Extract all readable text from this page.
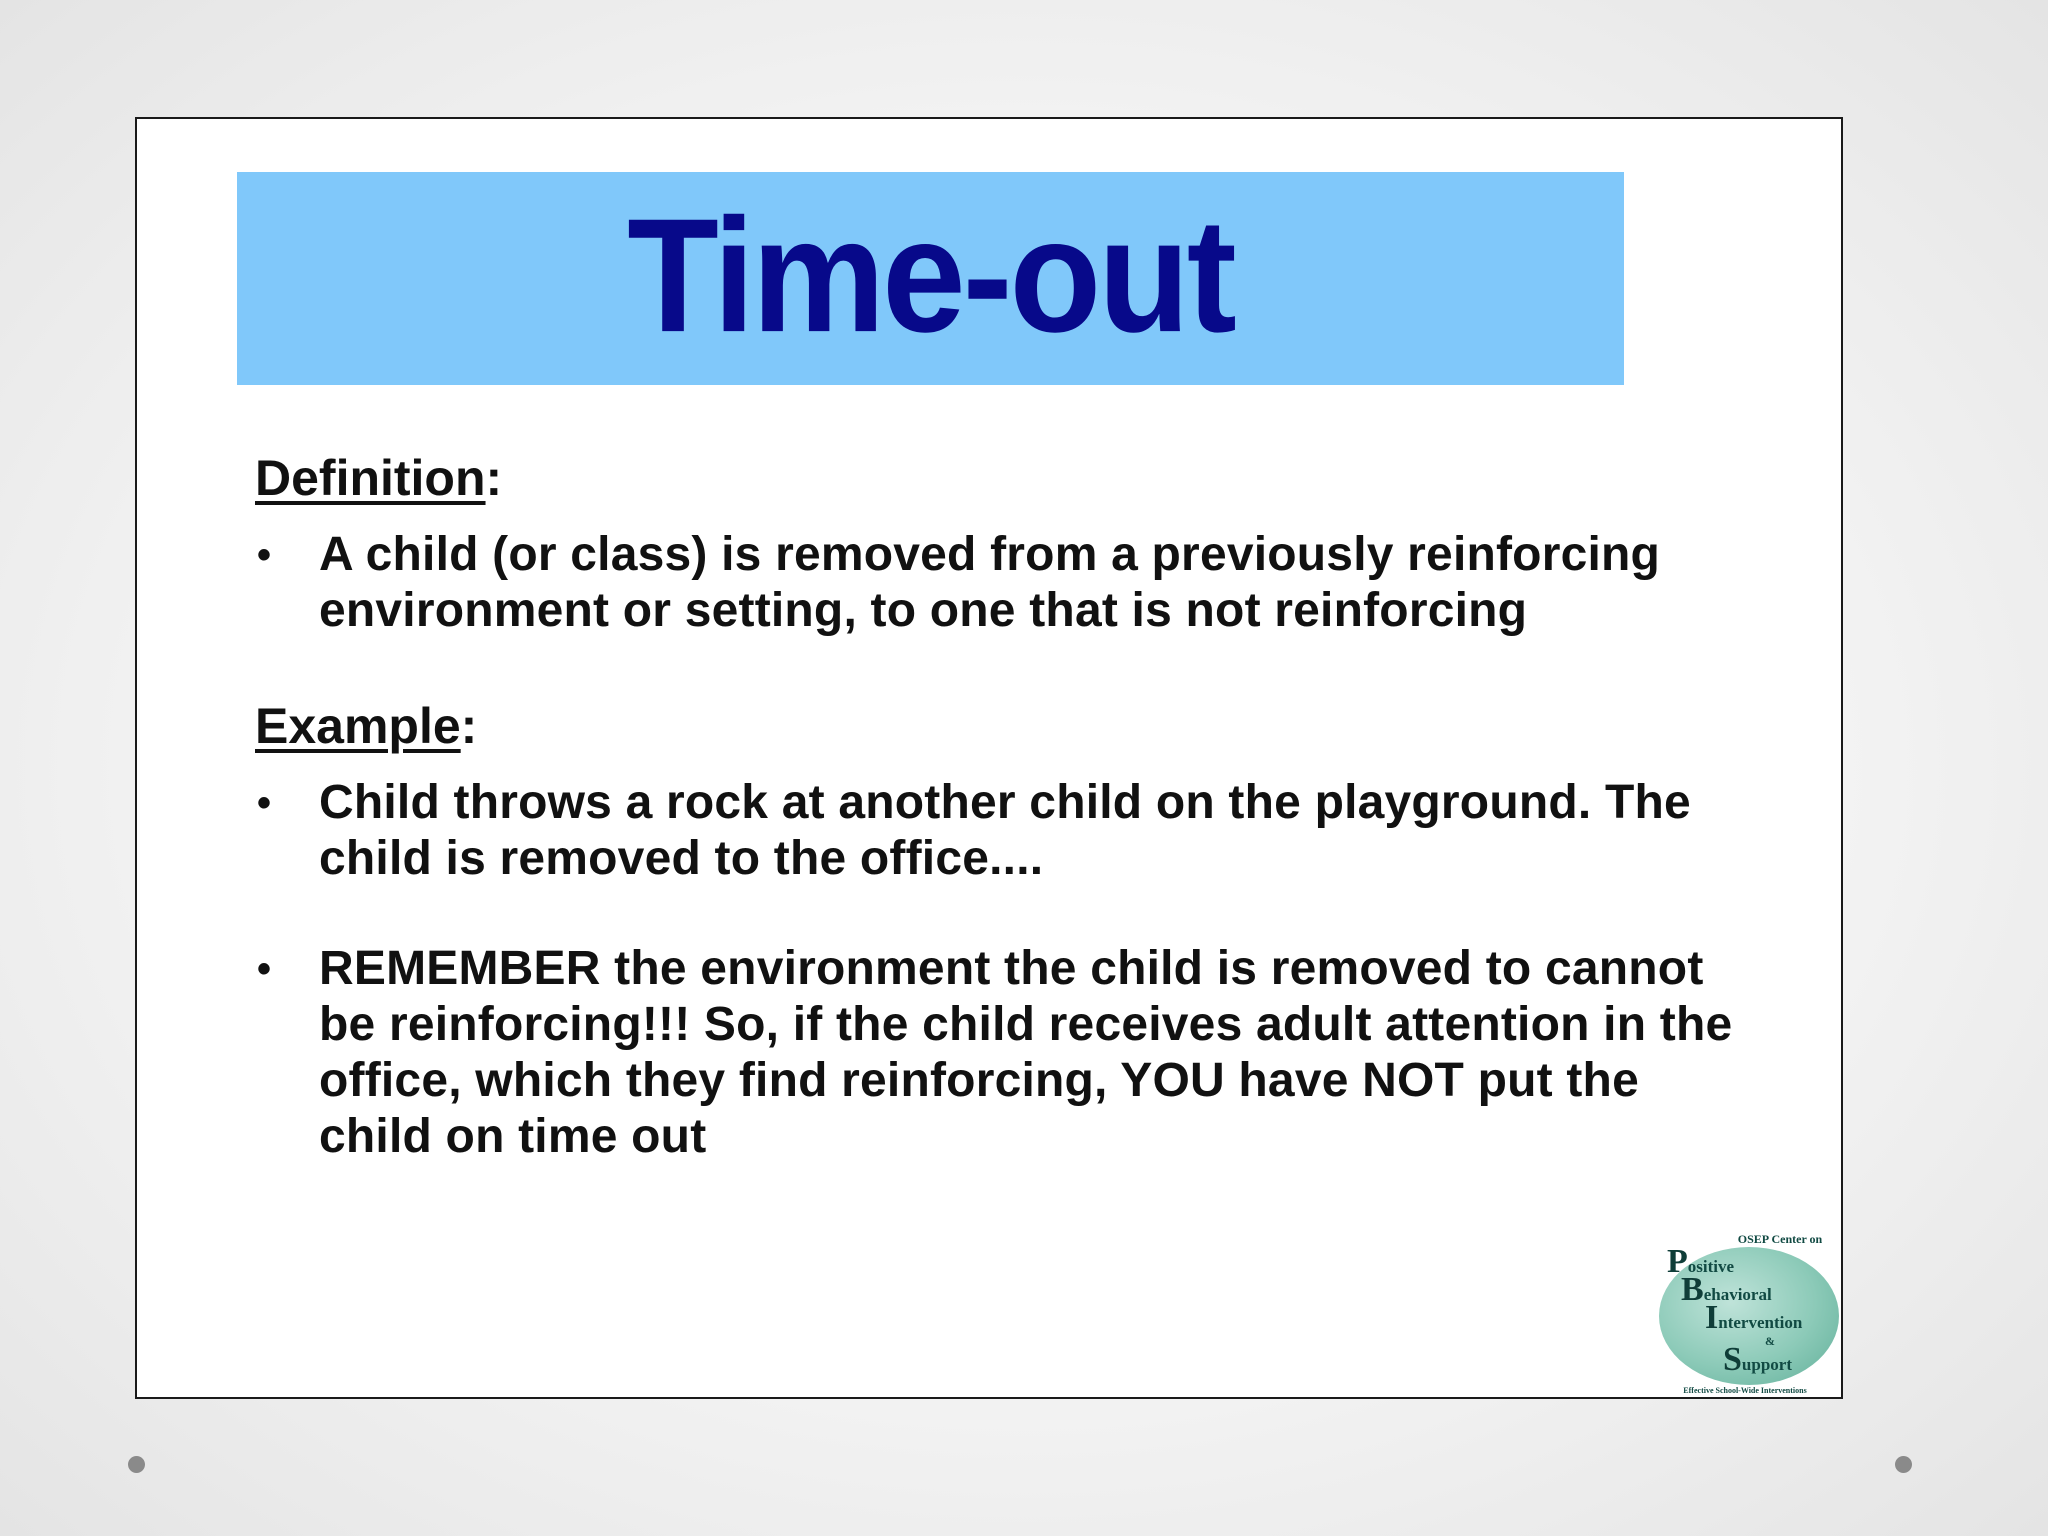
Time-out

Definition:

• A child (or class) is removed from a previously reinforcing environment or setting, to one that is not reinforcing

Example:

• Child throws a rock at another child on the playground. The child is removed to the office....
• REMEMBER the environment the child is removed to cannot be reinforcing!!! So, if the child receives adult attention in the office, which they find reinforcing, YOU have NOT put the child on time out
OSEP Center on
Positive
Behavioral
Intervention
&
Support
Effective School-Wide Interventions
